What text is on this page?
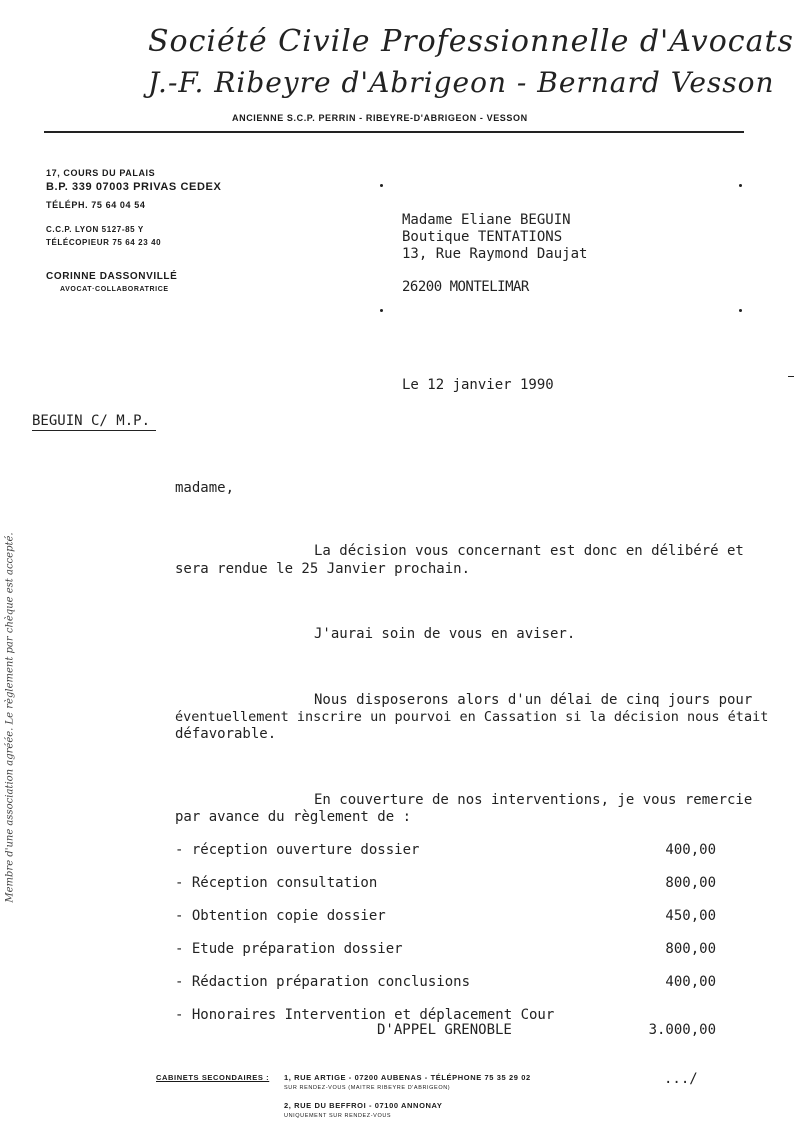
Société Civile Professionnelle d'Avocats
J.-F. Ribeyre d'Abrigeon - Bernard Vesson
ANCIENNE S.C.P. PERRIN - RIBEYRE-D'ABRIGEON - VESSON
17, COURS DU PALAIS
B.P. 339 07003 PRIVAS CEDEX
TÉLÉPH. 75 64 04 54
C.C.P. LYON 5127-85 Y
TÉLÉCOPIEUR 75 64 23 40
CORINNE DASSONVILLÉ
AVOCAT·COLLABORATRICE
Madame Eliane BEGUIN
Boutique TENTATIONS
13, Rue Raymond Daujat
26200 MONTELIMAR
Le 12 janvier 1990
BEGUIN C/ M.P.
madame,
La décision vous concernant est donc en délibéré et
sera rendue le 25 Janvier prochain.
J'aurai soin de vous en aviser.
Nous disposerons alors d'un délai de cinq jours pour
éventuellement inscrire un pourvoi en Cassation si la décision nous était
défavorable.
En couverture de nos interventions, je vous remercie
par avance du règlement de :
- réception ouverture dossier	400,00
- Réception consultation	800,00
- Obtention copie dossier	450,00
- Etude préparation dossier	800,00
- Rédaction préparation conclusions	400,00
- Honoraires Intervention et déplacement Cour
D'APPEL GRENOBLE	3.000,00
CABINETS SECONDAIRES : 1, RUE ARTIGE - 07200 AUBENAS - TÉLÉPHONE 75 35 29 02
SUR RENDEZ-VOUS (MAITRE RIBEYRE D'ABRIGEON)
2, RUE DU BEFFROI - 07100 ANNONAY
UNIQUEMENT SUR RENDEZ-VOUS
.../
Membre d'une association agréée. Le règlement par chèque est accepté.
